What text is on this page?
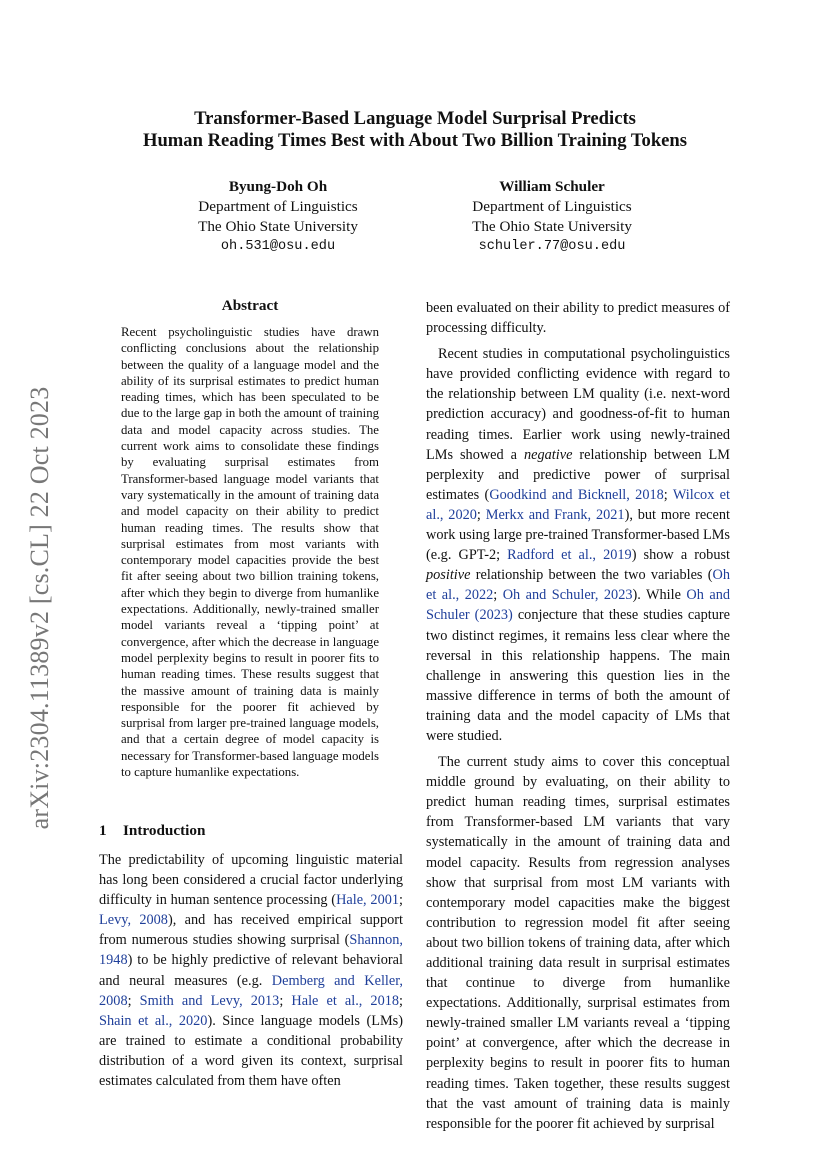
arXiv:2304.11389v2 [cs.CL] 22 Oct 2023
Transformer-Based Language Model Surprisal Predicts
Human Reading Times Best with About Two Billion Training Tokens
Byung-Doh Oh
Department of Linguistics
The Ohio State University
oh.531@osu.edu
William Schuler
Department of Linguistics
The Ohio State University
schuler.77@osu.edu
Abstract
Recent psycholinguistic studies have drawn conflicting conclusions about the relationship between the quality of a language model and the ability of its surprisal estimates to predict human reading times, which has been speculated to be due to the large gap in both the amount of training data and model capacity across studies. The current work aims to consolidate these findings by evaluating surprisal estimates from Transformer-based language model variants that vary systematically in the amount of training data and model capacity on their ability to predict human reading times. The results show that surprisal estimates from most variants with contemporary model capacities provide the best fit after seeing about two billion training tokens, after which they begin to diverge from humanlike expectations. Additionally, newly-trained smaller model variants reveal a ‘tipping point’ at convergence, after which the decrease in language model perplexity begins to result in poorer fits to human reading times. These results suggest that the massive amount of training data is mainly responsible for the poorer fit achieved by surprisal from larger pre-trained language models, and that a certain degree of model capacity is necessary for Transformer-based language models to capture humanlike expectations.
1 Introduction

The predictability of upcoming linguistic material has long been considered a crucial factor underlying difficulty in human sentence processing (Hale, 2001; Levy, 2008), and has received empirical support from numerous studies showing surprisal (Shannon, 1948) to be highly predictive of relevant behavioral and neural measures (e.g. Demberg and Keller, 2008; Smith and Levy, 2013; Hale et al., 2018; Shain et al., 2020). Since language models (LMs) are trained to estimate a conditional probability distribution of a word given its context, surprisal estimates calculated from them have often

been evaluated on their ability to predict measures of processing difficulty.

Recent studies in computational psycholinguistics have provided conflicting evidence with regard to the relationship between LM quality (i.e. next-word prediction accuracy) and goodness-of-fit to human reading times. Earlier work using newly-trained LMs showed a negative relationship between LM perplexity and predictive power of surprisal estimates (Goodkind and Bicknell, 2018; Wilcox et al., 2020; Merkx and Frank, 2021), but more recent work using large pre-trained Transformer-based LMs (e.g. GPT-2; Radford et al., 2019) show a robust positive relationship between the two variables (Oh et al., 2022; Oh and Schuler, 2023). While Oh and Schuler (2023) conjecture that these studies capture two distinct regimes, it remains less clear where the reversal in this relationship happens. The main challenge in answering this question lies in the massive difference in terms of both the amount of training data and the model capacity of LMs that were studied.

The current study aims to cover this conceptual middle ground by evaluating, on their ability to predict human reading times, surprisal estimates from Transformer-based LM variants that vary systematically in the amount of training data and model capacity. Results from regression analyses show that surprisal from most LM variants with contemporary model capacities make the biggest contribution to regression model fit after seeing about two billion tokens of training data, after which additional training data result in surprisal estimates that continue to diverge from humanlike expectations. Additionally, surprisal estimates from newly-trained smaller LM variants reveal a ‘tipping point’ at convergence, after which the decrease in perplexity begins to result in poorer fits to human reading times. Taken together, these results suggest that the vast amount of training data is mainly responsible for the poorer fit achieved by surprisal
